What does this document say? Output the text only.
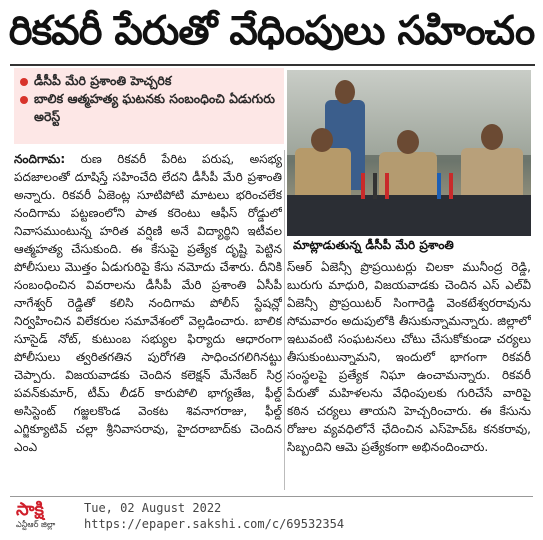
రికవరీ పేరుతో వేధింపులు సహించం
డీసీపీ మేరి ప్రశాంతి హెచ్చరిక
బాలిక ఆత్మహత్య ఘటనకు సంబంధించి ఏడుగురు అరెస్ట్
మాట్లాడుతున్న డీసీపీ మేరి ప్రశాంతి
నందిగామ: రుణ రికవరీ పేరిట పరుష, అసభ్య పదజాలంతో దూషిస్తే సహించేది లేదని డీసీపీ మేరి ప్రశాంతి అన్నారు. రికవరీ ఏజెంట్ల సూటిపోటి మాటలు భరించలేక నందిగామ పట్టణంలోని పాత కరెంటు ఆఫీస్ రోడ్డులో నివాసముంటున్న హరిత వర్షిణి అనే విద్యార్థిని ఇటీవల ఆత్మహత్య చేసుకుంది. ఈ కేసుపై ప్రత్యేక దృష్టి పెట్టిన పోలీసులు మొత్తం ఏడుగురిపై కేసు నమోదు చేశారు. దీనికి సంబంధించిన వివరాలను డీసీపీ మేరి ప్రశాంతి ఏసీపీ నాగేశ్వర్ రెడ్డితో కలిసి నందిగామ పోలీస్ స్టేషన్లో నిర్వహించిన విలేకరుల సమావేశంలో వెల్లడించారు. బాలిక సూసైడ్ నోట్, కుటుంబ సభ్యుల ఫిర్యాదు ఆధారంగా పోలీసులు త్వరితగతిన పురోగతి సాధించగలిగినట్టు చెప్పారు. విజయవాడకు చెందిన కలెక్షన్ మేనేజర్ సిర్ర పవన్‌కుమార్, టీమ్ లీడర్ కారుపోలి భాగ్యతేజ, ఫీల్డ్ అసిస్టెంట్ గజ్జలకొండ వెంకట శివనాగరాజు, ఫీల్డ్ ఎగ్జిక్యూటివ్ చల్లా శ్రీనివాసరావు, హైదరాబాద్‌కు చెందిన ఎంఎ
స్‌ఆర్ ఏజెన్సీ ప్రొప్రయిటర్లు చిలకా మునీంద్ర రెడ్డి, బురుగు మాధురి, విజయవాడకు చెందిన ఎస్ ఎల్‌వీ ఏజెన్సీ ప్రొప్రయిటర్ సింగారెడ్డి వెంకటేశ్వరరావును సోమవారం అదుపులోకి తీసుకున్నామన్నారు. జిల్లాలో ఇటువంటి సంఘటనలు చోటు చేసుకోకుండా చర్యలు తీసుకుంటున్నామని, ఇందులో భాగంగా రికవరీ సంస్థలపై ప్రత్యేక నిఘా ఉంచామన్నారు. రికవరీ పేరుతో మహిళలను వేధింపులకు గురిచేసే వారిపై కఠిన చర్యలు తాయని హెచ్చరించారు. ఈ కేసును రోజుల వ్యవధిలోనే ఛేదించిన ఎస్‌హెచ్‌ఓ కనకరావు, సిబ్బందిని ఆమె ప్రత్యేకంగా అభినందించారు.
సాక్షి
ఎన్టీఆర్ జిల్లా
Tue, 02 August 2022
https://epaper.sakshi.com/c/69532354
